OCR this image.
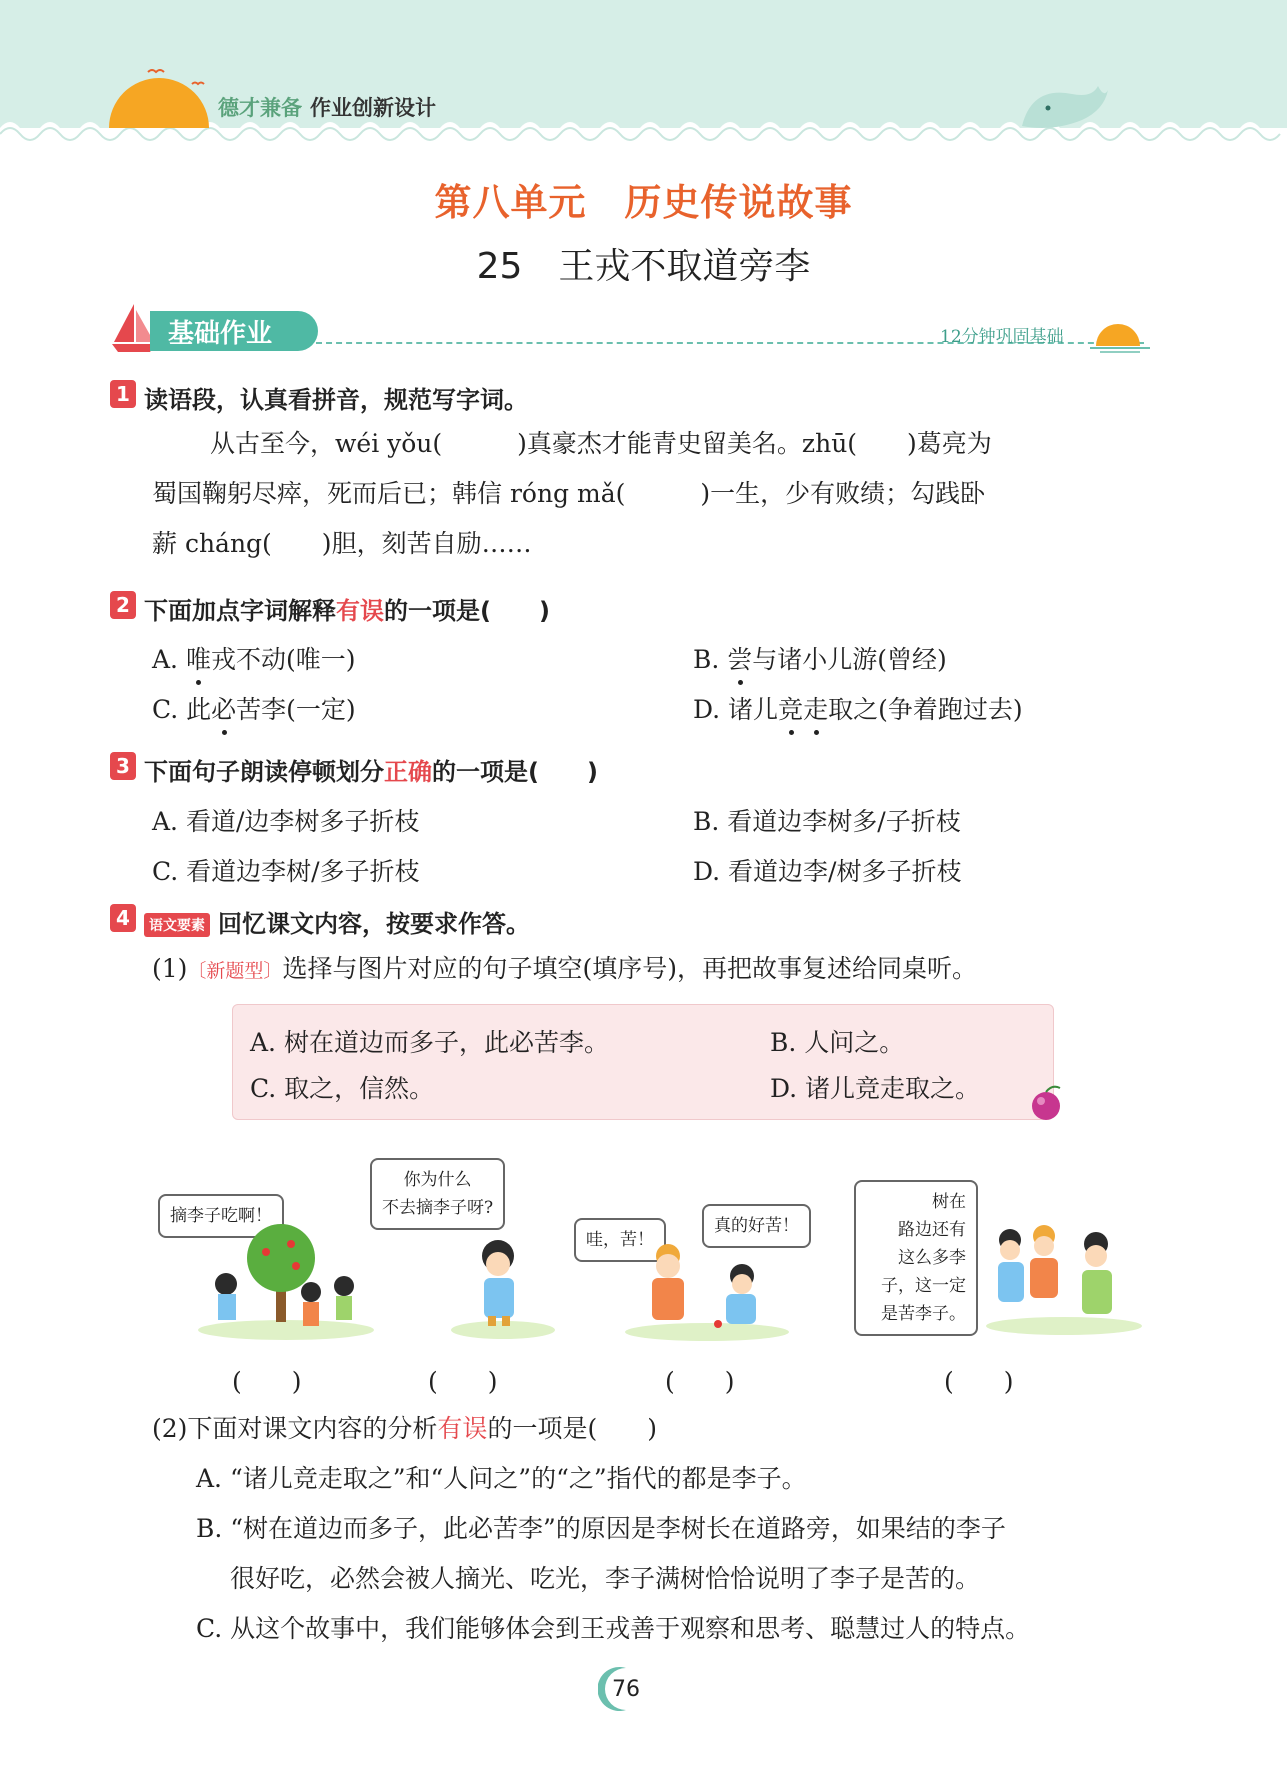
德才兼备 作业创新设计
第八单元　历史传说故事
25　王戎不取道旁李
基础作业	12分钟巩固基础
1 读语段，认真看拼音，规范写字词。
从古至今，wéi yǒu(　　　)真豪杰才能青史留美名。zhū(　　)葛亮为
蜀国鞠躬尽瘁，死而后已；韩信 róng mǎ(　　　)一生，少有败绩；勾践卧
薪 cháng(　　)胆，刻苦自励……
2 下面加点字词解释有误的一项是(　　)
A. 唯戎不动(唯一)	B. 尝与诸小儿游(曾经)
C. 此必苦李(一定)	D. 诸儿竞走取之(争着跑过去)
3 下面句子朗读停顿划分正确的一项是(　　)
A. 看道/边李树多子折枝	B. 看道边李树多/子折枝
C. 看道边李树/多子折枝	D. 看道边李/树多子折枝
4 语文要素 回忆课文内容，按要求作答。
(1)〔新题型〕选择与图片对应的句子填空(填序号)，再把故事复述给同桌听。
A. 树在道边而多子，此必苦李。	B. 人问之。
C. 取之，信然。	D. 诸儿竞走取之。
摘李子吃啊！
你为什么
不去摘李子呀?
哇，苦！
真的好苦！
树在
路边还有
这么多李
子，这一定
是苦李子。
(　　)	(　　)	(　　)	(　　)
(2)下面对课文内容的分析有误的一项是(　　)
A. “诸儿竞走取之”和“人问之”的“之”指代的都是李子。
B. “树在道边而多子，此必苦李”的原因是李树长在道路旁，如果结的李子
很好吃，必然会被人摘光、吃光，李子满树恰恰说明了李子是苦的。
C. 从这个故事中，我们能够体会到王戎善于观察和思考、聪慧过人的特点。
76
